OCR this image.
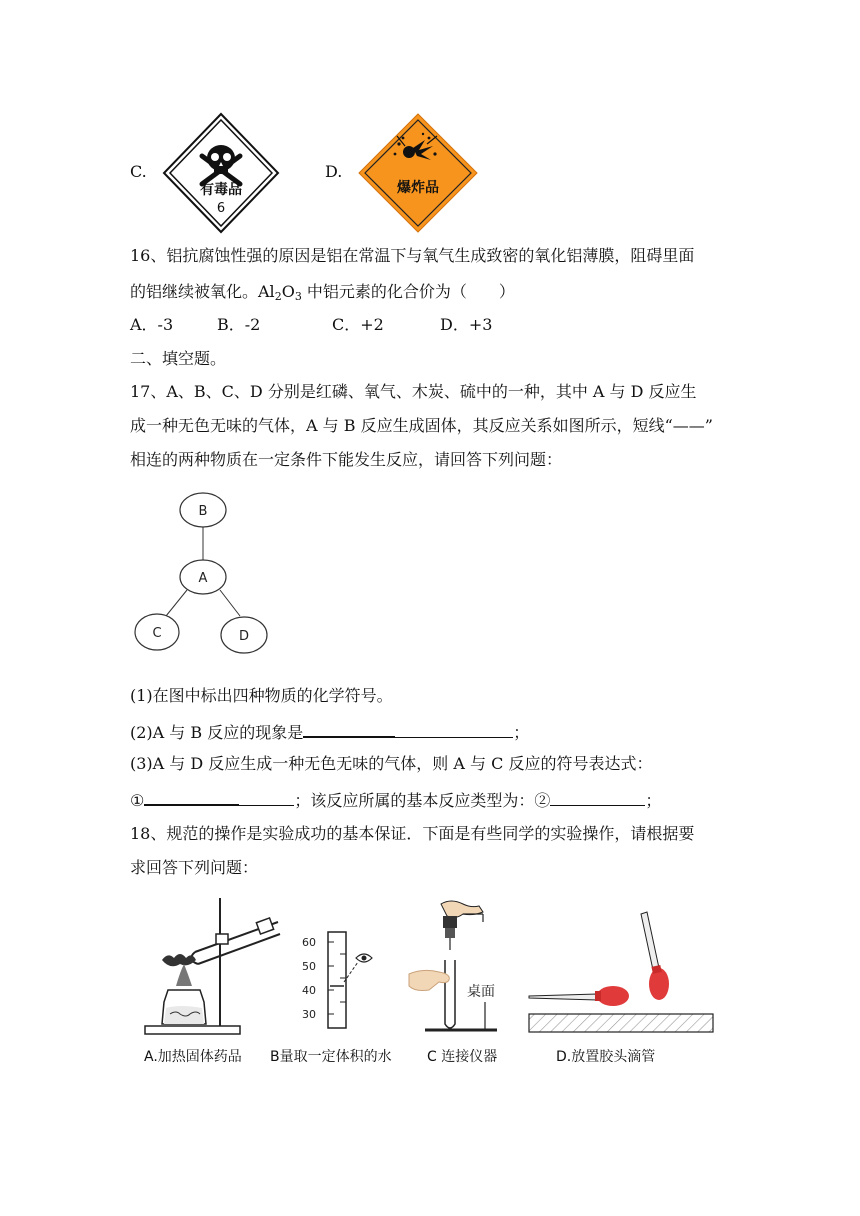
C.
有毒品
6
D.
爆炸品
16、铝抗腐蚀性强的原因是铝在常温下与氧气生成致密的氧化铝薄膜，阻碍里面
的铝继续被氧化。$Al_2O_3$ 中铝元素的化合价为（　　）
A．-3	B．-2	C．+2	D．+3
二、填空题。
17、A、B、C、D 分别是红磷、氧气、木炭、硫中的一种，其中 A 与 D 反应生
成一种无色无味的气体，A 与 B 反应生成固体，其反应关系如图所示，短线“——”
相连的两种物质在一定条件下能发生反应，请回答下列问题：
B
A
C	D
(1)在图中标出四种物质的化学符号。
(2)A 与 B 反应的现象是	；
(3)A 与 D 反应生成一种无色无味的气体，则 A 与 C 反应的符号表达式：
①	；该反应所属的基本反应类型为：②	；
18、规范的操作是实验成功的基本保证．下面是有些同学的实验操作，请根据要
求回答下列问题：
60
50
40
30
桌面
A.加热固体药品 B量取一定体积的水	C 连接仪器	D.放置胶头滴管
